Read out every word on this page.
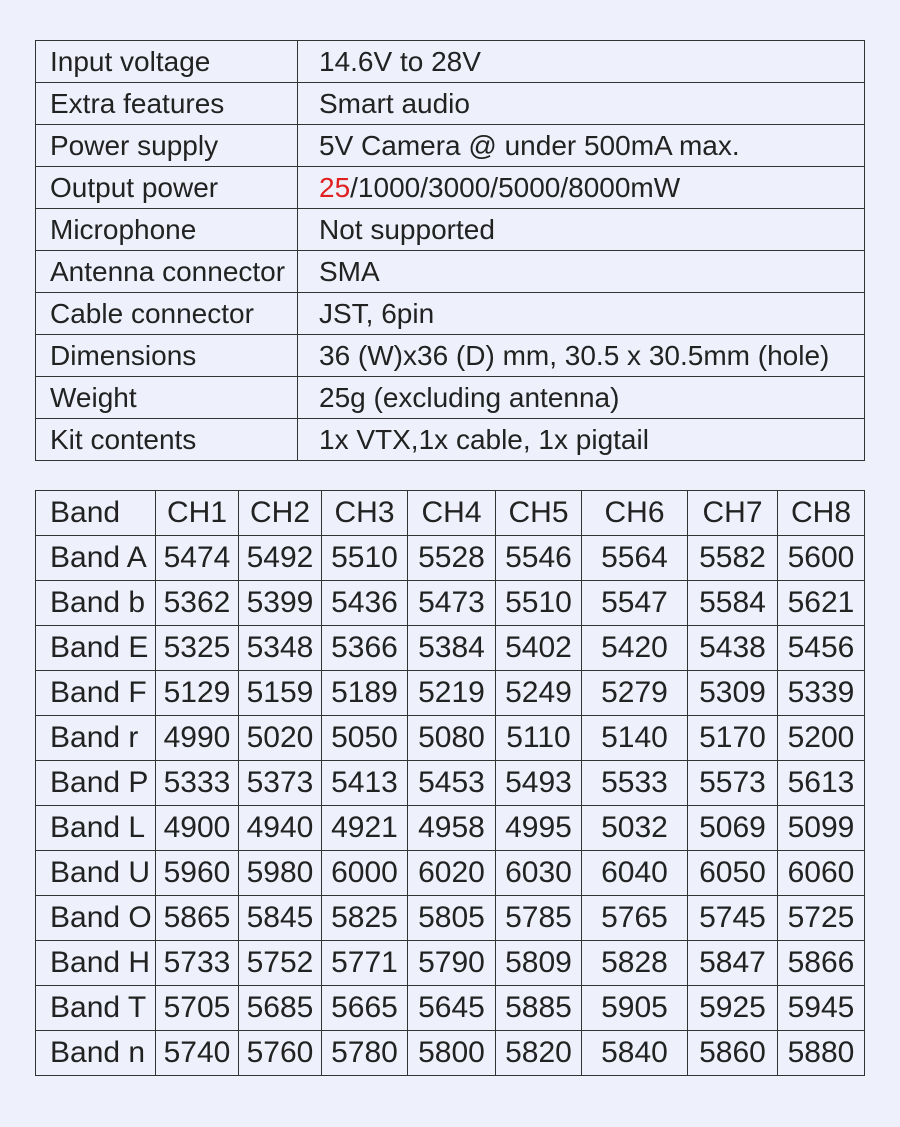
Input voltage	14.6V to 28V
Extra features	Smart audio
Power supply	5V Camera @ under 500mA max.
Output power	25/1000/3000/5000/8000mW
Microphone	Not supported
Antenna connector	SMA
Cable connector	JST, 6pin
Dimensions	36 (W)x36 (D) mm, 30.5 x 30.5mm (hole)
Weight	25g (excluding antenna)
Kit contents	1x VTX,1x cable, 1x pigtail
Band	CH1	CH2	CH3	CH4	CH5	CH6	CH7	CH8
Band A	5474	5492	5510	5528	5546	5564	5582	5600
Band b	5362	5399	5436	5473	5510	5547	5584	5621
Band E	5325	5348	5366	5384	5402	5420	5438	5456
Band F	5129	5159	5189	5219	5249	5279	5309	5339
Band r	4990	5020	5050	5080	5110	5140	5170	5200
Band P	5333	5373	5413	5453	5493	5533	5573	5613
Band L	4900	4940	4921	4958	4995	5032	5069	5099
Band U	5960	5980	6000	6020	6030	6040	6050	6060
Band O	5865	5845	5825	5805	5785	5765	5745	5725
Band H	5733	5752	5771	5790	5809	5828	5847	5866
Band T	5705	5685	5665	5645	5885	5905	5925	5945
Band n	5740	5760	5780	5800	5820	5840	5860	5880
